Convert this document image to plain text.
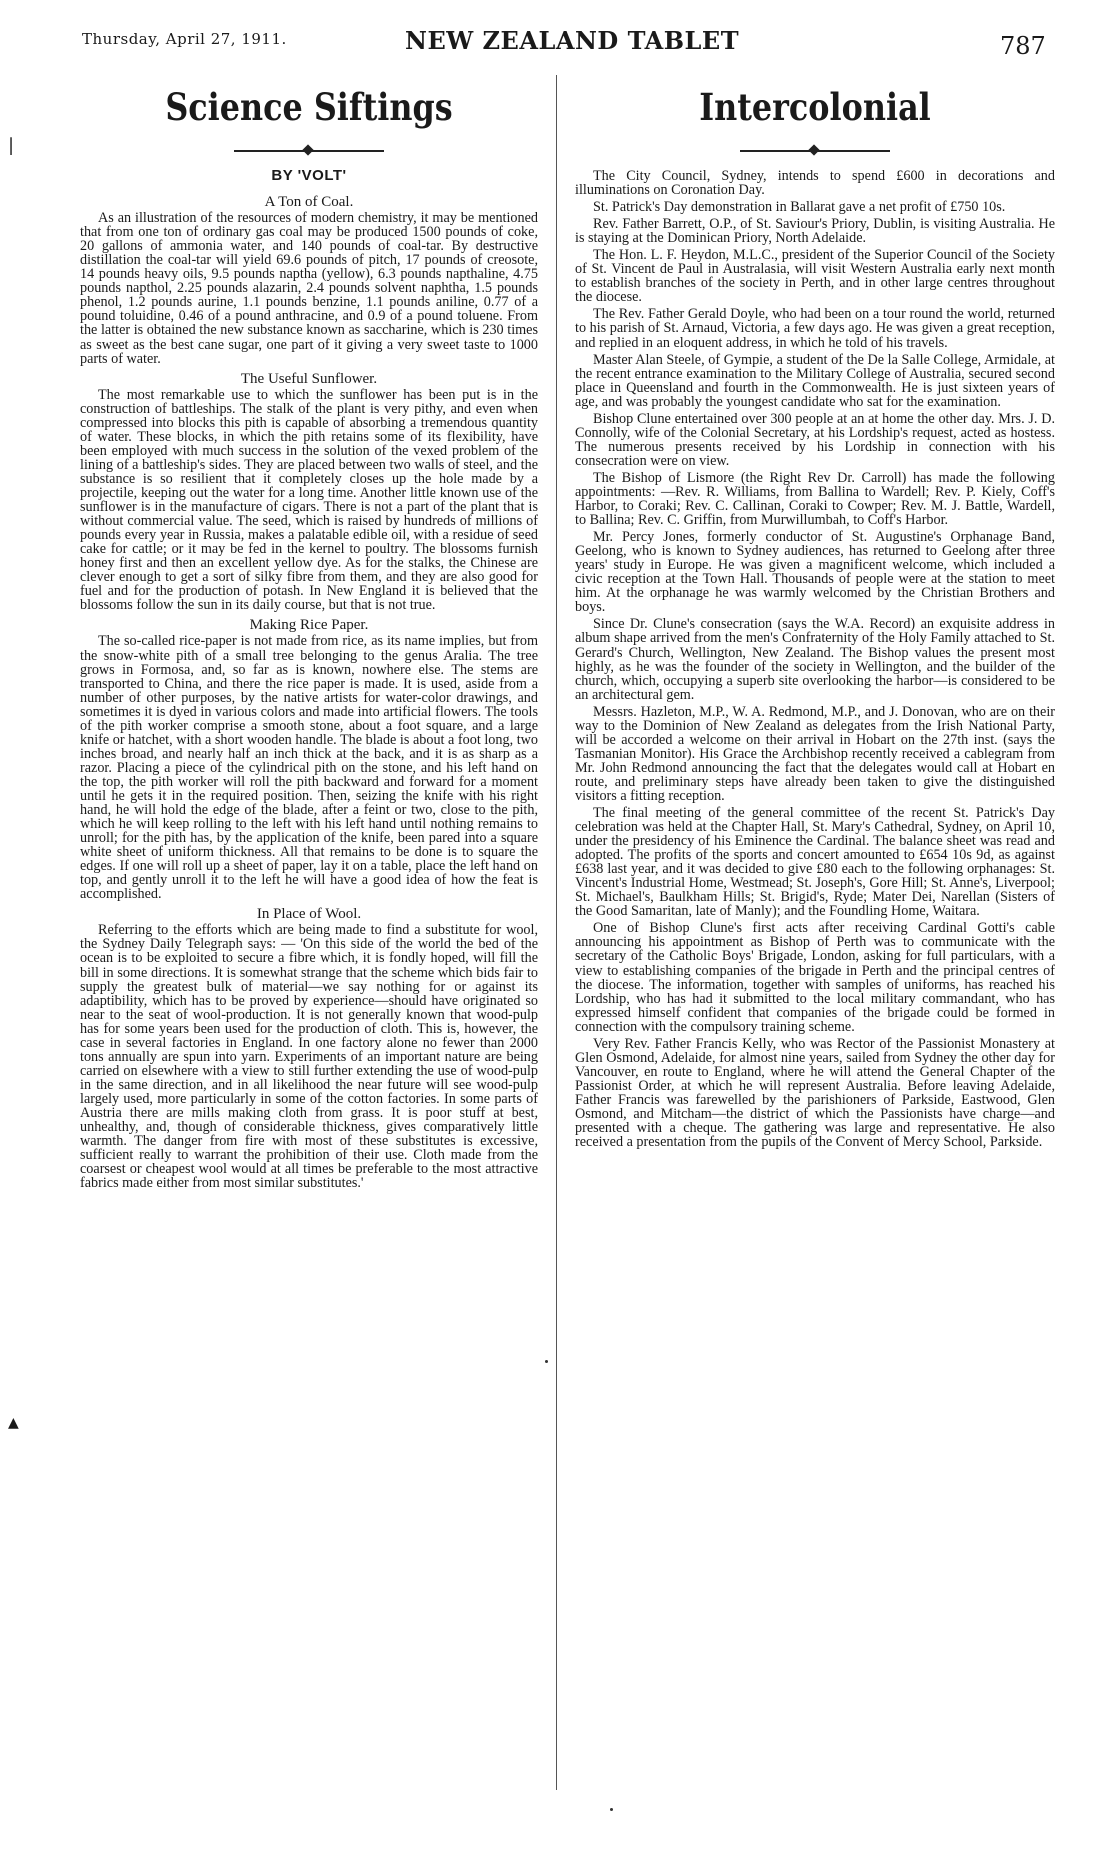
Thursday, April 27, 1911.	NEW ZEALAND TABLET	787
|
▲
Science Siftings
BY 'VOLT'
A Ton of Coal.

As an illustration of the resources of modern chemistry, it may be mentioned that from one ton of ordinary gas coal may be produced 1500 pounds of coke, 20 gallons of ammonia water, and 140 pounds of coal-tar. By destructive distillation the coal-tar will yield 69.6 pounds of pitch, 17 pounds of creosote, 14 pounds heavy oils, 9.5 pounds naptha (yellow), 6.3 pounds napthaline, 4.75 pounds napthol, 2.25 pounds alazarin, 2.4 pounds solvent naphtha, 1.5 pounds phenol, 1.2 pounds aurine, 1.1 pounds benzine, 1.1 pounds aniline, 0.77 of a pound toluidine, 0.46 of a pound anthracine, and 0.9 of a pound toluene. From the latter is obtained the new substance known as saccharine, which is 230 times as sweet as the best cane sugar, one part of it giving a very sweet taste to 1000 parts of water.

The Useful Sunflower.

The most remarkable use to which the sunflower has been put is in the construction of battleships. The stalk of the plant is very pithy, and even when compressed into blocks this pith is capable of absorbing a tremendous quantity of water. These blocks, in which the pith retains some of its flexibility, have been employed with much success in the solution of the vexed problem of the lining of a battleship's sides. They are placed between two walls of steel, and the substance is so resilient that it completely closes up the hole made by a projectile, keeping out the water for a long time. Another little known use of the sunflower is in the manufacture of cigars. There is not a part of the plant that is without commercial value. The seed, which is raised by hundreds of millions of pounds every year in Russia, makes a palatable edible oil, with a residue of seed cake for cattle; or it may be fed in the kernel to poultry. The blossoms furnish honey first and then an excellent yellow dye. As for the stalks, the Chinese are clever enough to get a sort of silky fibre from them, and they are also good for fuel and for the production of potash. In New England it is believed that the blossoms follow the sun in its daily course, but that is not true.

Making Rice Paper.

The so-called rice-paper is not made from rice, as its name implies, but from the snow-white pith of a small tree belonging to the genus Aralia. The tree grows in Formosa, and, so far as is known, nowhere else. The stems are transported to China, and there the rice paper is made. It is used, aside from a number of other purposes, by the native artists for water-color drawings, and sometimes it is dyed in various colors and made into artificial flowers. The tools of the pith worker comprise a smooth stone, about a foot square, and a large knife or hatchet, with a short wooden handle. The blade is about a foot long, two inches broad, and nearly half an inch thick at the back, and it is as sharp as a razor. Placing a piece of the cylindrical pith on the stone, and his left hand on the top, the pith worker will roll the pith backward and forward for a moment until he gets it in the required position. Then, seizing the knife with his right hand, he will hold the edge of the blade, after a feint or two, close to the pith, which he will keep rolling to the left with his left hand until nothing remains to unroll; for the pith has, by the application of the knife, been pared into a square white sheet of uniform thickness. All that remains to be done is to square the edges. If one will roll up a sheet of paper, lay it on a table, place the left hand on top, and gently unroll it to the left he will have a good idea of how the feat is accomplished.

In Place of Wool.

Referring to the efforts which are being made to find a substitute for wool, the Sydney Daily Telegraph says: — 'On this side of the world the bed of the ocean is to be exploited to secure a fibre which, it is fondly hoped, will fill the bill in some directions. It is somewhat strange that the scheme which bids fair to supply the greatest bulk of material—we say nothing for or against its adaptibility, which has to be proved by experience—should have originated so near to the seat of wool-production. It is not generally known that wood-pulp has for some years been used for the production of cloth. This is, however, the case in several factories in England. In one factory alone no fewer than 2000 tons annually are spun into yarn. Experiments of an important nature are being carried on elsewhere with a view to still further extending the use of wood-pulp in the same direction, and in all likelihood the near future will see wood-pulp largely used, more particularly in some of the cotton factories. In some parts of Austria there are mills making cloth from grass. It is poor stuff at best, unhealthy, and, though of considerable thickness, gives comparatively little warmth. The danger from fire with most of these substitutes is excessive, sufficient really to warrant the prohibition of their use. Cloth made from the coarsest or cheapest wool would at all times be preferable to the most attractive fabrics made either from most similar substitutes.'

Intercolonial

The City Council, Sydney, intends to spend £600 in decorations and illuminations on Coronation Day.

St. Patrick's Day demonstration in Ballarat gave a net profit of £750 10s.

Rev. Father Barrett, O.P., of St. Saviour's Priory, Dublin, is visiting Australia. He is staying at the Dominican Priory, North Adelaide.

The Hon. L. F. Heydon, M.L.C., president of the Superior Council of the Society of St. Vincent de Paul in Australasia, will visit Western Australia early next month to establish branches of the society in Perth, and in other large centres throughout the diocese.

The Rev. Father Gerald Doyle, who had been on a tour round the world, returned to his parish of St. Arnaud, Victoria, a few days ago. He was given a great reception, and replied in an eloquent address, in which he told of his travels.

Master Alan Steele, of Gympie, a student of the De la Salle College, Armidale, at the recent entrance examination to the Military College of Australia, secured second place in Queensland and fourth in the Commonwealth. He is just sixteen years of age, and was probably the youngest candidate who sat for the examination.

Bishop Clune entertained over 300 people at an at home the other day. Mrs. J. D. Connolly, wife of the Colonial Secretary, at his Lordship's request, acted as hostess. The numerous presents received by his Lordship in connection with his consecration were on view.

The Bishop of Lismore (the Right Rev Dr. Carroll) has made the following appointments: —Rev. R. Williams, from Ballina to Wardell; Rev. P. Kiely, Coff's Harbor, to Coraki; Rev. C. Callinan, Coraki to Cowper; Rev. M. J. Battle, Wardell, to Ballina; Rev. C. Griffin, from Murwillumbah, to Coff's Harbor.

Mr. Percy Jones, formerly conductor of St. Augustine's Orphanage Band, Geelong, who is known to Sydney audiences, has returned to Geelong after three years' study in Europe. He was given a magnificent welcome, which included a civic reception at the Town Hall. Thousands of people were at the station to meet him. At the orphanage he was warmly welcomed by the Christian Brothers and boys.

Since Dr. Clune's consecration (says the W.A. Record) an exquisite address in album shape arrived from the men's Confraternity of the Holy Family attached to St. Gerard's Church, Wellington, New Zealand. The Bishop values the present most highly, as he was the founder of the society in Wellington, and the builder of the church, which, occupying a superb site overlooking the harbor—is considered to be an architectural gem.

Messrs. Hazleton, M.P., W. A. Redmond, M.P., and J. Donovan, who are on their way to the Dominion of New Zealand as delegates from the Irish National Party, will be accorded a welcome on their arrival in Hobart on the 27th inst. (says the Tasmanian Monitor). His Grace the Archbishop recently received a cablegram from Mr. John Redmond announcing the fact that the delegates would call at Hobart en route, and preliminary steps have already been taken to give the distinguished visitors a fitting reception.

The final meeting of the general committee of the recent St. Patrick's Day celebration was held at the Chapter Hall, St. Mary's Cathedral, Sydney, on April 10, under the presidency of his Eminence the Cardinal. The balance sheet was read and adopted. The profits of the sports and concert amounted to £654 10s 9d, as against £638 last year, and it was decided to give £80 each to the following orphanages: St. Vincent's Industrial Home, Westmead; St. Joseph's, Gore Hill; St. Anne's, Liverpool; St. Michael's, Baulkham Hills; St. Brigid's, Ryde; Mater Dei, Narellan (Sisters of the Good Samaritan, late of Manly); and the Foundling Home, Waitara.

One of Bishop Clune's first acts after receiving Cardinal Gotti's cable announcing his appointment as Bishop of Perth was to communicate with the secretary of the Catholic Boys' Brigade, London, asking for full particulars, with a view to establishing companies of the brigade in Perth and the principal centres of the diocese. The information, together with samples of uniforms, has reached his Lordship, who has had it submitted to the local military commandant, who has expressed himself confident that companies of the brigade could be formed in connection with the compulsory training scheme.

Very Rev. Father Francis Kelly, who was Rector of the Passionist Monastery at Glen Osmond, Adelaide, for almost nine years, sailed from Sydney the other day for Vancouver, en route to England, where he will attend the General Chapter of the Passionist Order, at which he will represent Australia. Before leaving Adelaide, Father Francis was farewelled by the parishioners of Parkside, Eastwood, Glen Osmond, and Mitcham—the district of which the Passionists have charge—and presented with a cheque. The gathering was large and representative. He also received a presentation from the pupils of the Convent of Mercy School, Parkside.
